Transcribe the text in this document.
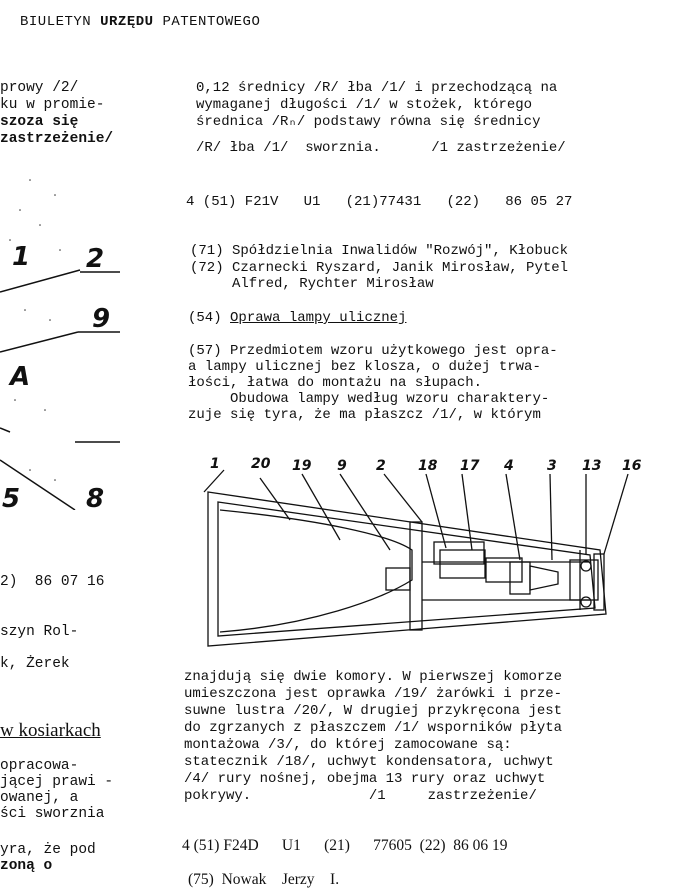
BIULETYN URZĘDU PATENTOWEGO
prowy /2/
ku w promie-
szoza się
zastrzeżenie/
1 2
9
A
5	8
2)  86 07 16
szyn Rol-
k, Żerek
w kosiarkach
opracowa-
jącej prawi -
owanej, a
ści sworznia
yra, że pod
zoną o
0,12 średnicy /R/ łba /1/ i przechodzącą na
wymaganej długości /1/ w stożek, którego
średnica /Rₙ/ podstawy równa się średnicy
/R/ łba /1/  sworznia.      /1 zastrzeżenie/
4 (51) F21V   U1   (21)77431   (22)   86 05 27
(71) Spółdzielnia Inwalidów "Rozwój", Kłobuck
(72) Czarnecki Ryszard, Janik Mirosław, Pytel
Alfred, Rychter Mirosław
(54) Oprawa lampy ulicznej
(57) Przedmiotem wzoru użytkowego jest opra-
a lampy ulicznej bez klosza, o dużej trwa-
łości, łatwa do montażu na słupach.
Obudowa lampy według wzoru charaktery-
zuje się tyra, że ma płaszcz /1/, w którym
1 20 19 9 2 18 17 4 3 13 16
znajdują się dwie komory. W pierwszej komorze
umieszczona jest oprawka /19/ żarówki i prze-
suwne lustra /20/, W drugiej przykręcona jest
do zgrzanych z płaszczem /1/ wsporników płyta
montażowa /3/, do której zamocowane są:
statecznik /18/, uchwyt kondensatora, uchwyt
/4/ rury nośnej, obejma 13 rury oraz uchwyt
pokrywy.              /1     zastrzeżenie/
4 (51) F24D      U1      (21)      77605  (22)  86 06 19
(75)  Nowak    Jerzy    I.
